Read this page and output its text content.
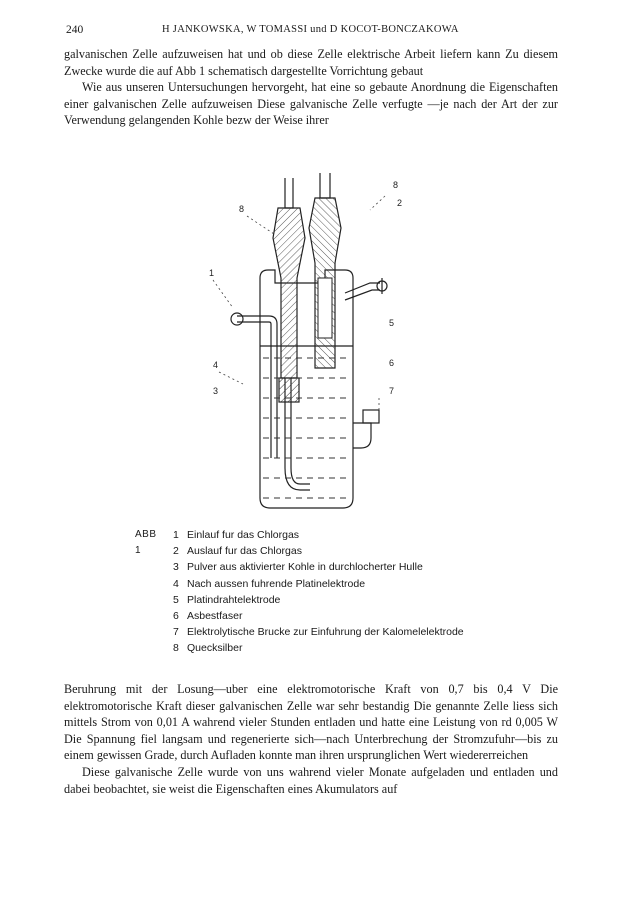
240	H JANKOWSKA, W TOMASSI und D KOCOT-BONCZAKOWA

galvanischen Zelle aufzuweisen hat und ob diese Zelle elektrische Arbeit liefern kann Zu diesem Zwecke wurde die auf Abb 1 schematisch dargestellte Vorrichtung gebaut

Wie aus unseren Untersuchungen hervorgeht, hat eine so gebaute Anordnung die Eigenschaften einer galvanischen Zelle aufzuweisen Diese galvanische Zelle verfugte —je nach der Art der zur Verwendung gelangenden Kohle bezw der Weise ihrer

8
2
8
1
5
4	6
3	7
ABB 1
1 Einlauf fur das Chlorgas
2 Auslauf fur das Chlorgas
3 Pulver aus aktivierter Kohle in durchlocherter Hulle
4 Nach aussen fuhrende Platinelektrode
5 Platindrahtelektrode
6 Asbestfaser
7 Elektrolytische Brucke zur Einfuhrung der Kalomelelektrode
8 Quecksilber

Beruhrung mit der Losung—uber eine elektromotorische Kraft von 0,7 bis 0,4 V Die elektromotorische Kraft dieser galvanischen Zelle war sehr bestandig Die genannte Zelle liess sich mittels Strom von 0,01 A wahrend vieler Stunden entladen und hatte eine Leistung von rd 0,005 W Die Spannung fiel langsam und regenerierte sich—nach Unterbrechung der Stromzufuhr—bis zu einem gewissen Grade, durch Aufladen konnte man ihren ursprunglichen Wert wiedererreichen

Diese galvanische Zelle wurde von uns wahrend vieler Monate aufgeladen und entladen und dabei beobachtet, sie weist die Eigenschaften eines Akumulators auf
